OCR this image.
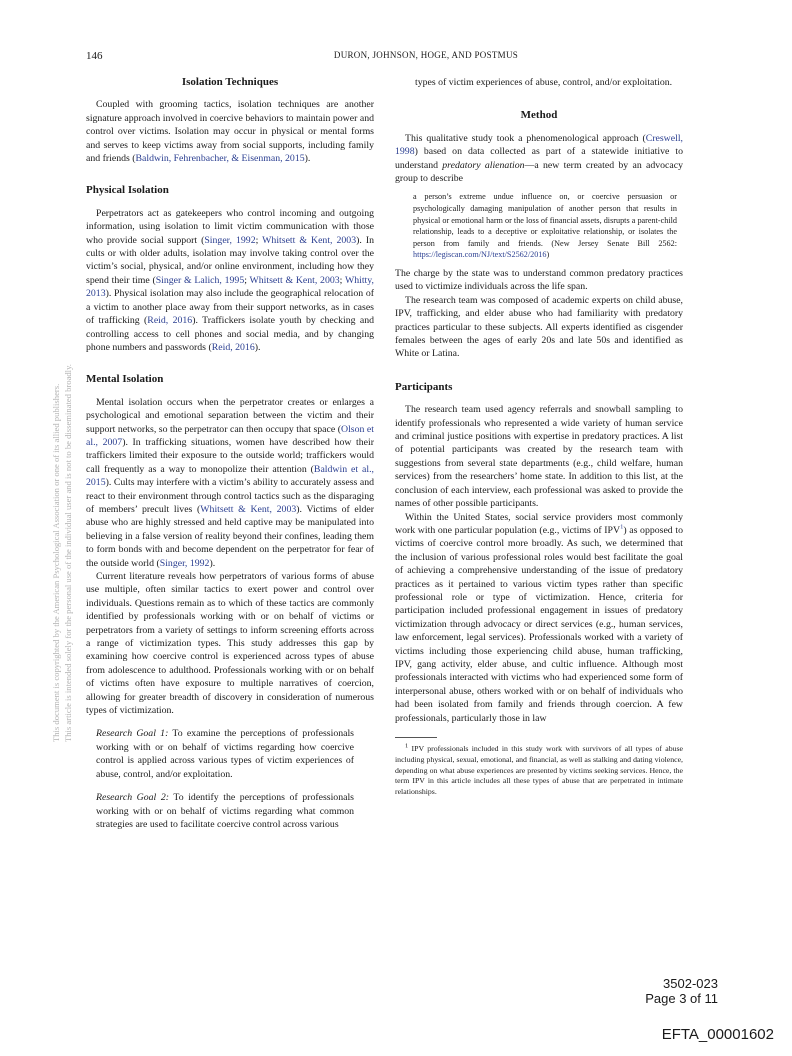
146	DURON, JOHNSON, HOGE, AND POSTMUS
This document is copyrighted by the American Psychological Association or one of its allied publishers. This article is intended solely for the personal use of the individual user and is not to be disseminated broadly.
Isolation Techniques

Coupled with grooming tactics, isolation techniques are another signature approach involved in coercive behaviors to maintain power and control over victims. Isolation may occur in physical or mental forms and serves to keep victims away from social supports, including family and friends (Baldwin, Fehrenbacher, & Eisenman, 2015).

Physical Isolation

Perpetrators act as gatekeepers who control incoming and outgoing information, using isolation to limit victim communication with those who provide social support (Singer, 1992; Whitsett & Kent, 2003). In cults or with older adults, isolation may involve taking control over the victim’s social, physical, and/or online environment, including how they spend their time (Singer & Lalich, 1995; Whitsett & Kent, 2003; Whitty, 2013). Physical isolation may also include the geographical relocation of a victim to another place away from their support networks, as in cases of trafficking (Reid, 2016). Traffickers isolate youth by checking and controlling access to cell phones and social media, and by changing phone numbers and passwords (Reid, 2016).

Mental Isolation

Mental isolation occurs when the perpetrator creates or enlarges a psychological and emotional separation between the victim and their support networks, so the perpetrator can then occupy that space (Olson et al., 2007). In trafficking situations, women have described how their traffickers limited their exposure to the outside world; traffickers would call frequently as a way to monopolize their attention (Baldwin et al., 2015). Cults may interfere with a victim’s ability to accurately assess and react to their environment through control tactics such as the disparaging of members’ precult lives (Whitsett & Kent, 2003). Victims of elder abuse who are highly stressed and held captive may be manipulated into believing in a false version of reality beyond their confines, leading them to form bonds with and become dependent on the perpetrator for fear of the outside world (Singer, 1992).

Current literature reveals how perpetrators of various forms of abuse use multiple, often similar tactics to exert power and control over individuals. Questions remain as to which of these tactics are commonly identified by professionals working with or on behalf of victims or perpetrators from a variety of settings to inform screening efforts across a range of victimization types. This study addresses this gap by examining how coercive control is experienced across types of abuse from adolescence to adulthood. Professionals working with or on behalf of victims often have exposure to multiple narratives of coercion, allowing for greater breadth of discovery in consideration of numerous types of victimization.

Research Goal 1: To examine the perceptions of professionals working with or on behalf of victims regarding how coercive control is applied across various types of victim experiences of abuse, control, and/or exploitation.
Research Goal 2: To identify the perceptions of professionals working with or on behalf of victims regarding what common strategies are used to facilitate coercive control across various
types of victim experiences of abuse, control, and/or exploitation.
Method

This qualitative study took a phenomenological approach (Creswell, 1998) based on data collected as part of a statewide initiative to understand predatory alienation—a new term created by an advocacy group to describe

a person’s extreme undue influence on, or coercive persuasion or psychologically damaging manipulation of another person that results in physical or emotional harm or the loss of financial assets, disrupts a parent-child relationship, leads to a deceptive or exploitative relationship, or isolates the person from family and friends. (New Jersey Senate Bill 2562: https://legiscan.com/NJ/text/S2562/2016)

The charge by the state was to understand common predatory practices used to victimize individuals across the life span.

The research team was composed of academic experts on child abuse, IPV, trafficking, and elder abuse who had familiarity with predatory practices particular to these subjects. All experts identified as cisgender females between the ages of early 20s and late 50s and identified as White or Latina.

Participants

The research team used agency referrals and snowball sampling to identify professionals who represented a wide variety of human service and criminal justice positions with expertise in predatory practices. A list of potential participants was created by the research team with suggestions from several state departments (e.g., child welfare, human services) from the researchers’ home state. In addition to this list, at the conclusion of each interview, each professional was asked to provide the names of other possible participants.

Within the United States, social service providers most commonly work with one particular population (e.g., victims of IPV$^1$) as opposed to victims of coercive control more broadly. As such, we determined that the inclusion of various professional roles would best facilitate the goal of achieving a comprehensive understanding of the issue of predatory practices as it pertained to various victim types rather than specific professional role or type of victimization. Hence, criteria for participation included professional engagement in issues of predatory victimization through advocacy or direct services (e.g., human services, law enforcement, legal services). Professionals worked with a variety of victims including those experiencing child abuse, human trafficking, IPV, gang activity, elder abuse, and cultic influence. Although most professionals interacted with victims who had experienced some form of interpersonal abuse, others worked with or on behalf of individuals who had been isolated from family and friends through coercion. A few professionals, particularly those in law

$^1$ IPV professionals included in this study work with survivors of all types of abuse including physical, sexual, emotional, and financial, as well as stalking and dating violence, depending on what abuse experiences are presented by victims seeking services. Hence, the term IPV in this article includes all these types of abuse that are perpetrated in intimate relationships.

3502-023
Page 3 of 11
EFTA_00001602
